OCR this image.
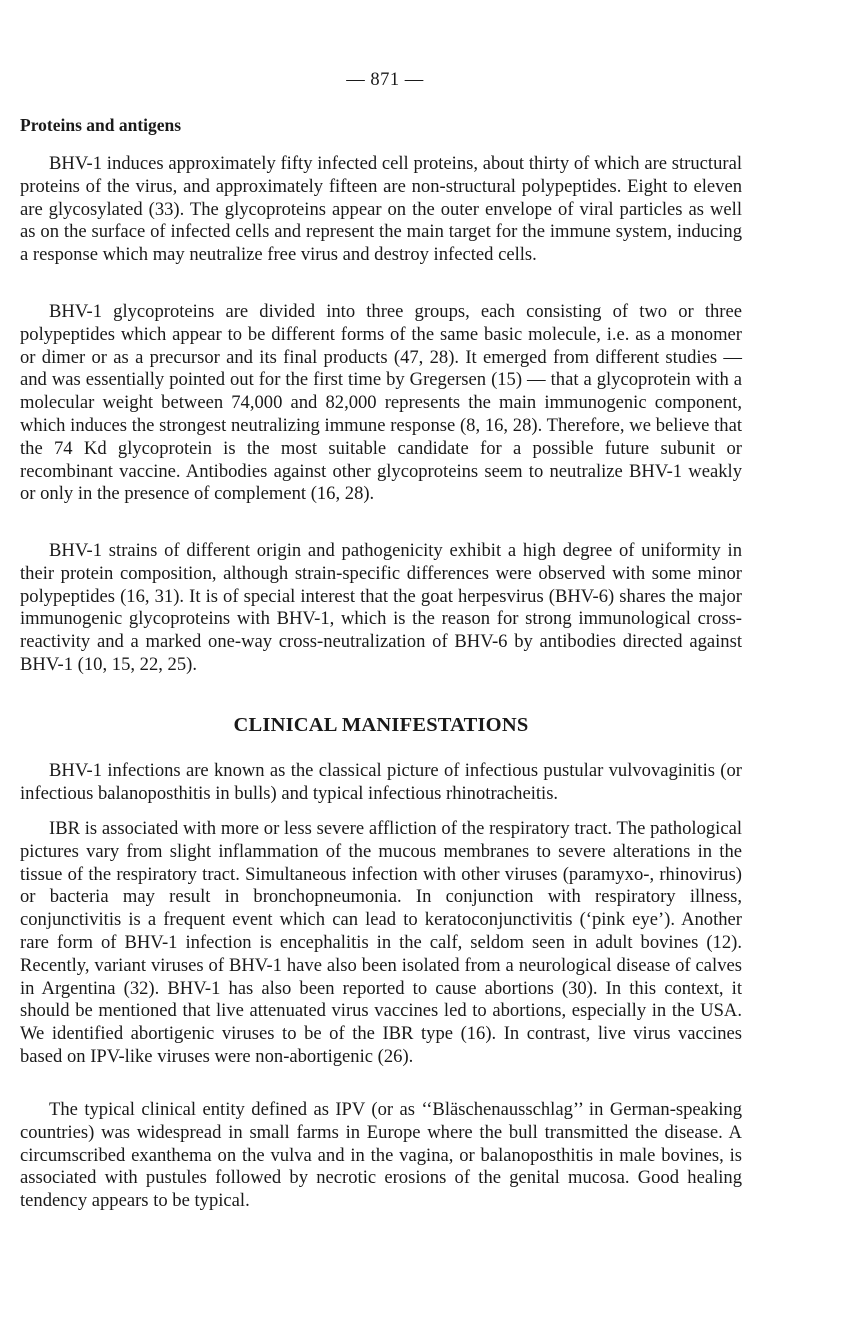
— 871 —
Proteins and antigens

BHV-1 induces approximately fifty infected cell proteins, about thirty of which are structural proteins of the virus, and approximately fifteen are non-structural polypeptides. Eight to eleven are glycosylated (33). The glycoproteins appear on the outer envelope of viral particles as well as on the surface of infected cells and represent the main target for the immune system, inducing a response which may neutralize free virus and destroy infected cells.

BHV-1 glycoproteins are divided into three groups, each consisting of two or three polypeptides which appear to be different forms of the same basic molecule, i.e. as a monomer or dimer or as a precursor and its final products (47, 28). It emerged from different studies — and was essentially pointed out for the first time by Gregersen (15) — that a glycoprotein with a molecular weight between 74,000 and 82,000 represents the main immunogenic component, which induces the strongest neutralizing immune response (8, 16, 28). Therefore, we believe that the 74 Kd glycoprotein is the most suitable candidate for a possible future subunit or recombinant vaccine. Antibodies against other glycoproteins seem to neutralize BHV-1 weakly or only in the presence of complement (16, 28).

BHV-1 strains of different origin and pathogenicity exhibit a high degree of uniformity in their protein composition, although strain-specific differences were observed with some minor polypeptides (16, 31). It is of special interest that the goat herpesvirus (BHV-6) shares the major immunogenic glycoproteins with BHV-1, which is the reason for strong immunological cross-reactivity and a marked one-way cross-neutralization of BHV-6 by antibodies directed against BHV-1 (10, 15, 22, 25).

CLINICAL MANIFESTATIONS

BHV-1 infections are known as the classical picture of infectious pustular vulvovaginitis (or infectious balanoposthitis in bulls) and typical infectious rhinotracheitis.

IBR is associated with more or less severe affliction of the respiratory tract. The pathological pictures vary from slight inflammation of the mucous membranes to severe alterations in the tissue of the respiratory tract. Simultaneous infection with other viruses (paramyxo-, rhinovirus) or bacteria may result in bronchopneumonia. In conjunction with respiratory illness, conjunctivitis is a frequent event which can lead to keratoconjunctivitis (‘pink eye’). Another rare form of BHV-1 infection is encephalitis in the calf, seldom seen in adult bovines (12). Recently, variant viruses of BHV-1 have also been isolated from a neurological disease of calves in Argentina (32). BHV-1 has also been reported to cause abortions (30). In this context, it should be mentioned that live attenuated virus vaccines led to abortions, especially in the USA. We identified abortigenic viruses to be of the IBR type (16). In contrast, live virus vaccines based on IPV-like viruses were non-abortigenic (26).

The typical clinical entity defined as IPV (or as ‘‘Bläschenausschlag’’ in German-speaking countries) was widespread in small farms in Europe where the bull transmitted the disease. A circumscribed exanthema on the vulva and in the vagina, or balanoposthitis in male bovines, is associated with pustules followed by necrotic erosions of the genital mucosa. Good healing tendency appears to be typical.
